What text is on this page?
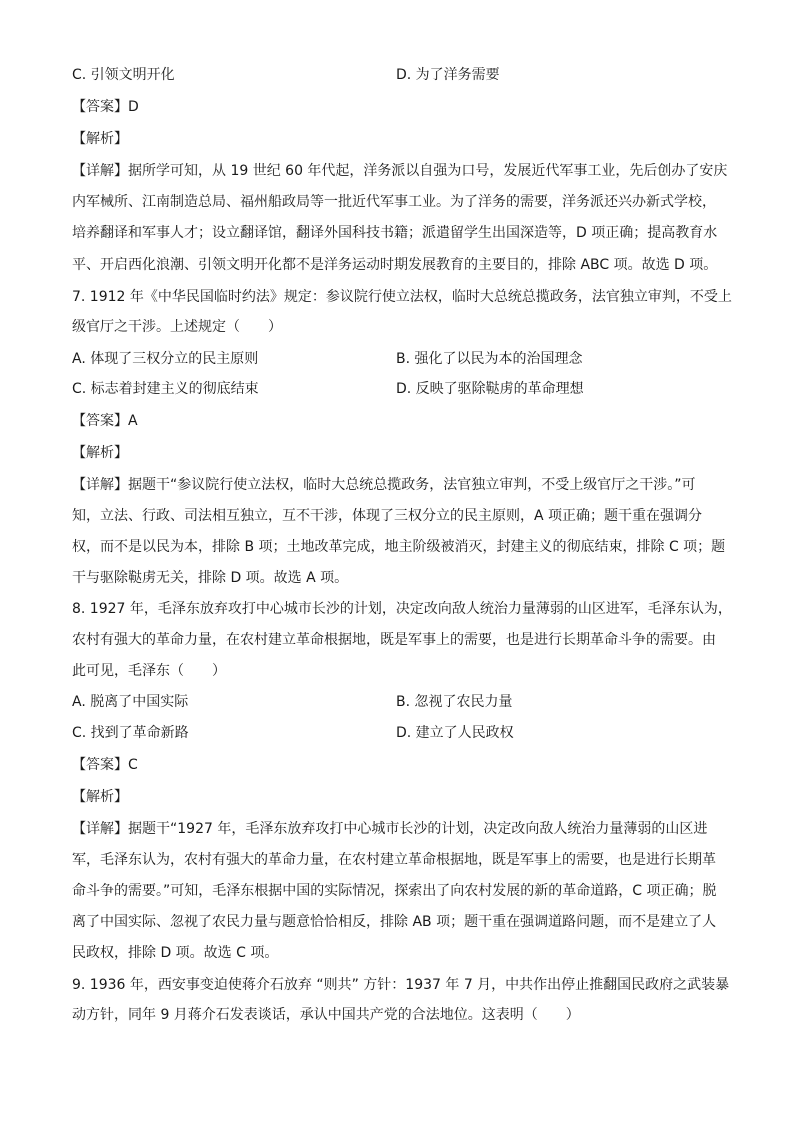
C. 引领文明开化	D. 为了洋务需要
【答案】D
【解析】
【详解】据所学可知，从 19 世纪 60 年代起，洋务派以自强为口号，发展近代军事工业，先后创办了安庆
内军械所、江南制造总局、福州船政局等一批近代军事工业。为了洋务的需要，洋务派还兴办新式学校，
培养翻译和军事人才；设立翻译馆，翻译外国科技书籍；派遣留学生出国深造等，D 项正确；提高教育水
平、开启西化浪潮、引领文明开化都不是洋务运动时期发展教育的主要目的，排除 ABC 项。故选 D 项。
7. 1912 年《中华民国临时约法》规定：参议院行使立法权，临时大总统总揽政务，法官独立审判，不受上
级官厅之干涉。上述规定（　　）
A. 体现了三权分立的民主原则	B. 强化了以民为本的治国理念
C. 标志着封建主义的彻底结束	D. 反映了驱除鞑虏的革命理想
【答案】A
【解析】
【详解】据题干“参议院行使立法权，临时大总统总揽政务，法官独立审判，不受上级官厅之干涉。”可
知，立法、行政、司法相互独立，互不干涉，体现了三权分立的民主原则，A 项正确；题干重在强调分
权，而不是以民为本，排除 B 项；土地改革完成，地主阶级被消灭，封建主义的彻底结束，排除 C 项；题
干与驱除鞑虏无关，排除 D 项。故选 A 项。
8. 1927 年，毛泽东放弃攻打中心城市长沙的计划，决定改向敌人统治力量薄弱的山区进军，毛泽东认为，
农村有强大的革命力量，在农村建立革命根据地，既是军事上的需要，也是进行长期革命斗争的需要。由
此可见，毛泽东（　　）
A. 脱离了中国实际	B. 忽视了农民力量
C. 找到了革命新路	D. 建立了人民政权
【答案】C
【解析】
【详解】据题干“1927 年，毛泽东放弃攻打中心城市长沙的计划，决定改向敌人统治力量薄弱的山区进
军，毛泽东认为，农村有强大的革命力量，在农村建立革命根据地，既是军事上的需要，也是进行长期革
命斗争的需要。”可知，毛泽东根据中国的实际情况，探索出了向农村发展的新的革命道路，C 项正确；脱
离了中国实际、忽视了农民力量与题意恰恰相反，排除 AB 项；题干重在强调道路问题，而不是建立了人
民政权，排除 D 项。故选 C 项。
9. 1936 年，西安事变迫使蒋介石放弃 “则共” 方针：1937 年 7 月，中共作出停止推翻国民政府之武装暴
动方针，同年 9 月蒋介石发表谈话，承认中国共产党的合法地位。这表明（　　）
